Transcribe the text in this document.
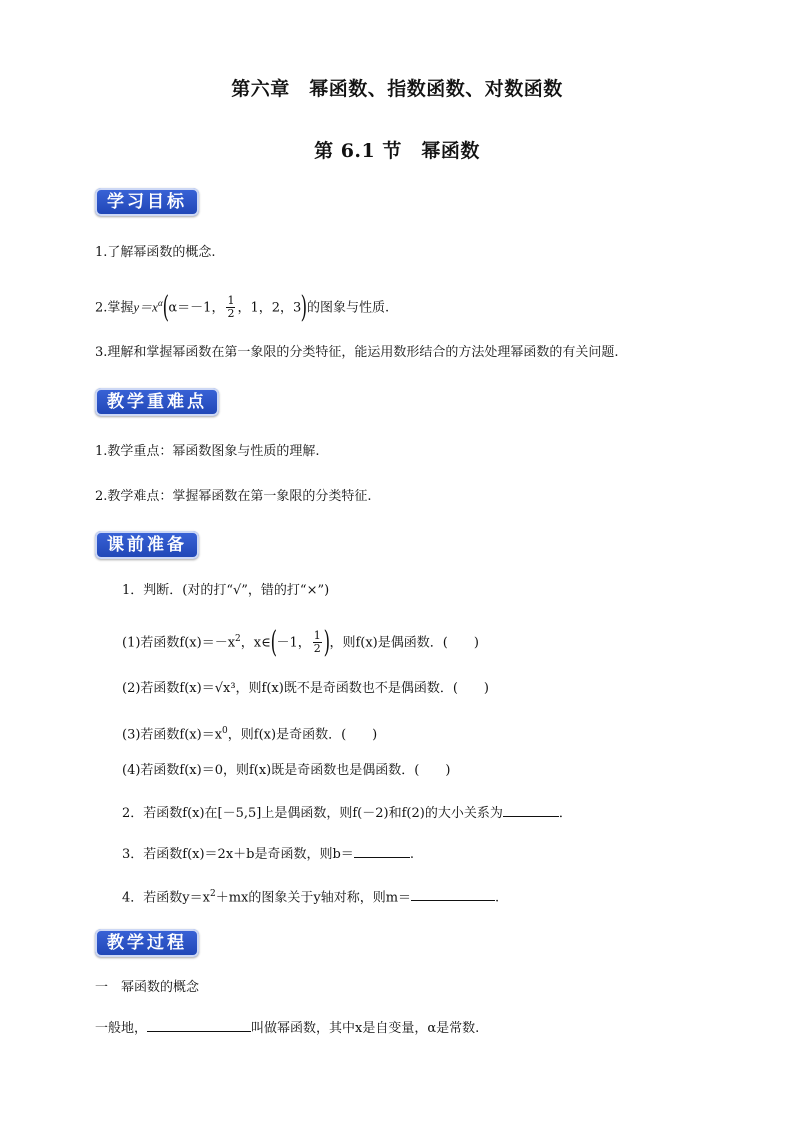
第六章　幂函数、指数函数、对数函数
第 6.1 节　幂函数
学习目标
1.了解幂函数的概念.
2.掌握$y=x^\alpha(\alpha=-1$， $\frac{1}{2}$ ，1，2，3)的图象与性质.
3.理解和掌握幂函数在第一象限的分类特征，能运用数形结合的方法处理幂函数的有关问题.
教学重难点
1.教学重点：幂函数图象与性质的理解.
2.教学难点：掌握幂函数在第一象限的分类特征.
课前准备
1．判断．(对的打“√”，错的打“×”)
(1)若函数$f(x)=-x^2$，x∈(－1， $\frac{1}{2}$ )，则f(x)是偶函数．(　　)
(2)若函数f(x)＝√x³，则f(x)既不是奇函数也不是偶函数．(　　)
(3)若函数$f(x)=x^0$，则f(x)是奇函数．(　　)
(4)若函数f(x)＝0，则f(x)既是奇函数也是偶函数．(　　)
2．若函数f(x)在[－5,5]上是偶函数，则f(－2)和f(2)的大小关系为	．
3．若函数f(x)＝2x＋b是奇函数，则b＝	.
4．若函数$y=x^2+mx$的图象关于y轴对称，则m＝	.
教学过程
一　幂函数的概念
一般地，	叫做幂函数，其中x是自变量，α是常数.
